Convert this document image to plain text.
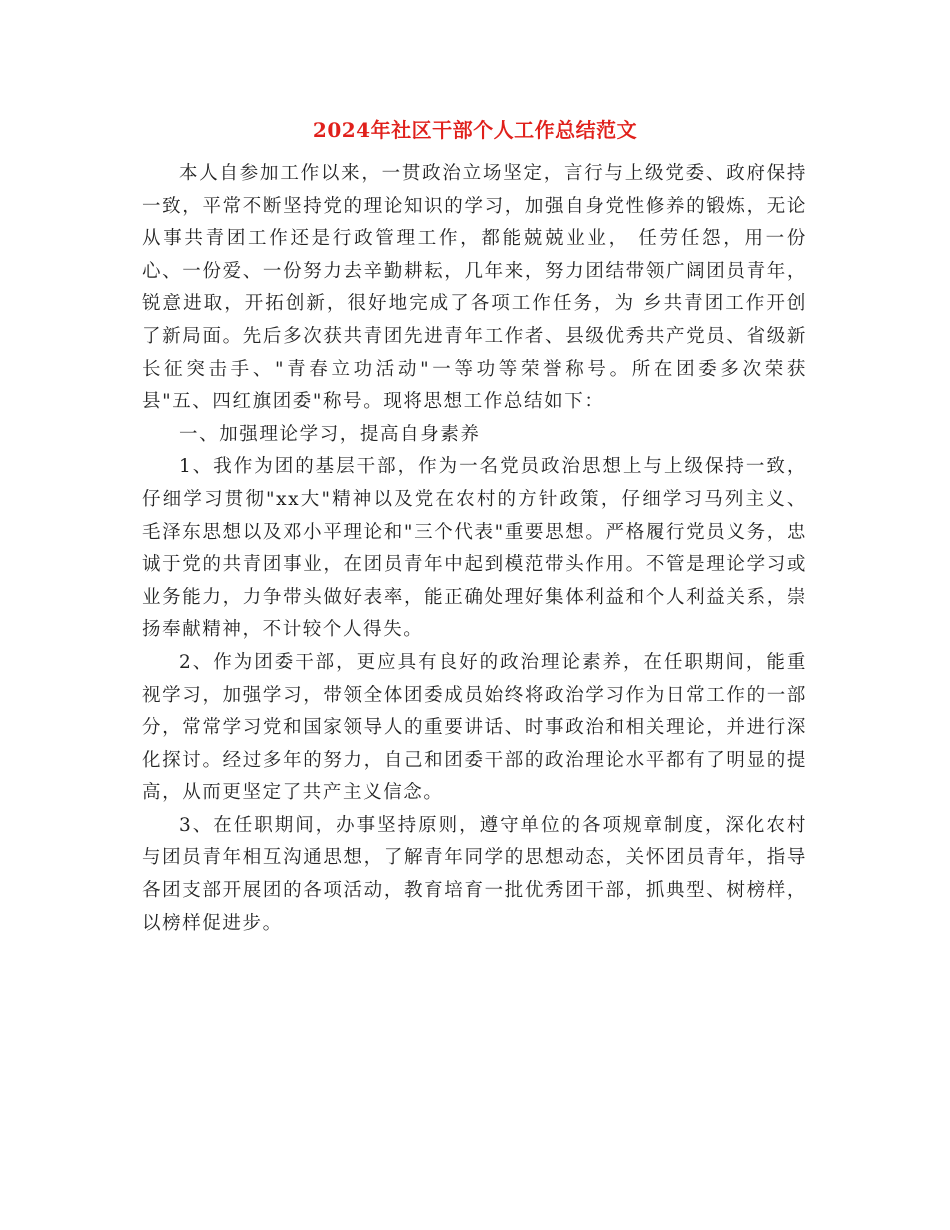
2024年社区干部个人工作总结范文

本人自参加工作以来，一贯政治立场坚定，言行与上级党委、政府保持一致，平常不断坚持党的理论知识的学习，加强自身党性修养的锻炼，无论从事共青团工作还是行政管理工作，都能兢兢业业， 任劳任怨，用一份心、一份爱、一份努力去辛勤耕耘，几年来，努力团结带领广阔团员青年，锐意进取，开拓创新，很好地完成了各项工作任务，为 乡共青团工作开创了新局面。先后多次获共青团先进青年工作者、县级优秀共产党员、省级新长征突击手、"青春立功活动"一等功等荣誉称号。所在团委多次荣获 县"五、四红旗团委"称号。现将思想工作总结如下：

一、加强理论学习，提高自身素养

1、我作为团的基层干部，作为一名党员政治思想上与上级保持一致，仔细学习贯彻"xx大"精神以及党在农村的方针政策，仔细学习马列主义、毛泽东思想以及邓小平理论和"三个代表"重要思想。严格履行党员义务，忠诚于党的共青团事业，在团员青年中起到模范带头作用。不管是理论学习或业务能力，力争带头做好表率，能正确处理好集体利益和个人利益关系，崇扬奉献精神，不计较个人得失。

2、作为团委干部，更应具有良好的政治理论素养，在任职期间，能重视学习，加强学习，带领全体团委成员始终将政治学习作为日常工作的一部分，常常学习党和国家领导人的重要讲话、时事政治和相关理论，并进行深化探讨。经过多年的努力，自己和团委干部的政治理论水平都有了明显的提高，从而更坚定了共产主义信念。

3、在任职期间，办事坚持原则，遵守单位的各项规章制度，深化农村与团员青年相互沟通思想，了解青年同学的思想动态，关怀团员青年，指导各团支部开展团的各项活动，教育培育一批优秀团干部，抓典型、树榜样，以榜样促进步。
